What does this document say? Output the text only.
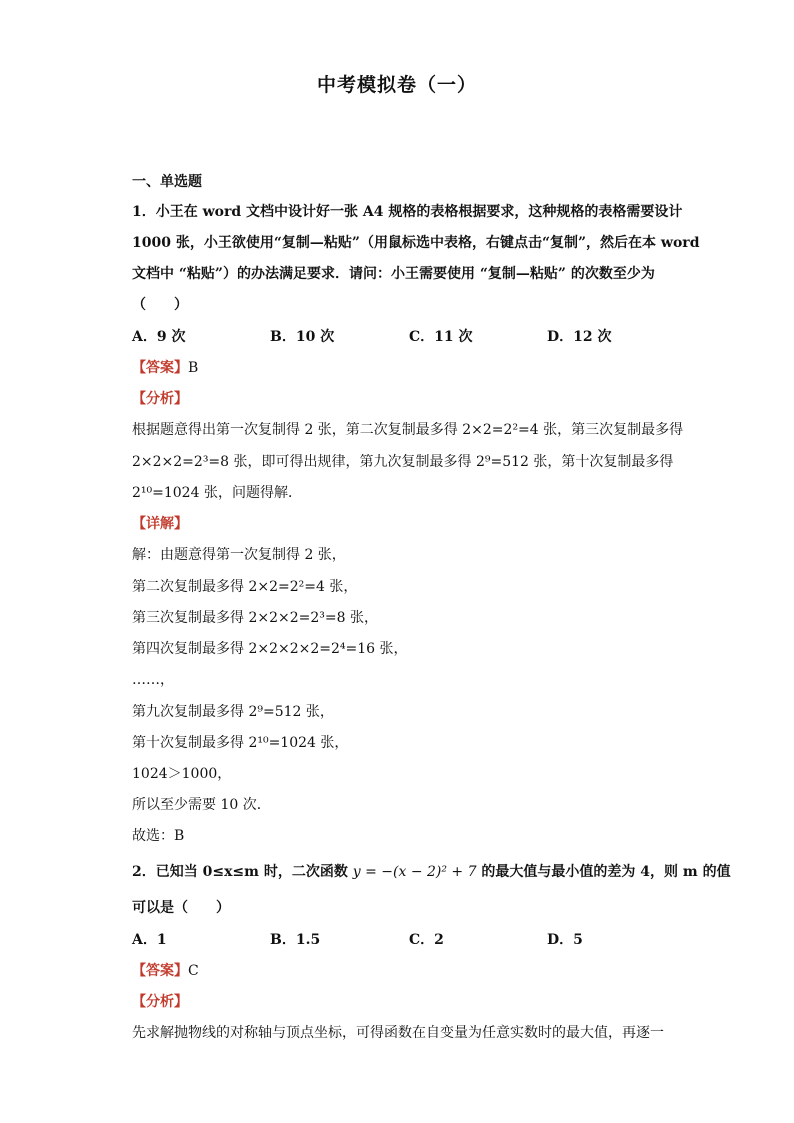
中考模拟卷（一）
一、单选题
1．小王在 word 文档中设计好一张 A4 规格的表格根据要求，这种规格的表格需要设计
1000 张，小王欲使用“复制—粘贴”（用鼠标选中表格，右键点击“复制”，然后在本 word
文档中 “粘贴”）的办法满足要求．请问：小王需要使用 “复制—粘贴” 的次数至少为
（　　）
A．9 次	B．10 次	C．11 次	D．12 次
【答案】B
【分析】
根据题意得出第一次复制得 2 张，第二次复制最多得 2×2=2²=4 张，第三次复制最多得
2×2×2=2³=8 张，即可得出规律，第九次复制最多得 2⁹=512 张，第十次复制最多得
2¹⁰=1024 张，问题得解．
【详解】
解：由题意得第一次复制得 2 张，
第二次复制最多得 2×2=2²=4 张，
第三次复制最多得 2×2×2=2³=8 张，
第四次复制最多得 2×2×2×2=2⁴=16 张，
……，
第九次复制最多得 2⁹=512 张，
第十次复制最多得 2¹⁰=1024 张，
1024＞1000，
所以至少需要 10 次．
故选：B
2．已知当 0≤x≤m 时，二次函数 y = −(x − 2)² + 7 的最大值与最小值的差为 4，则 m 的值
可以是（　　）
A．1	B．1.5	C．2	D．5
【答案】C
【分析】
先求解抛物线的对称轴与顶点坐标，可得函数在自变量为任意实数时的最大值，再逐一
